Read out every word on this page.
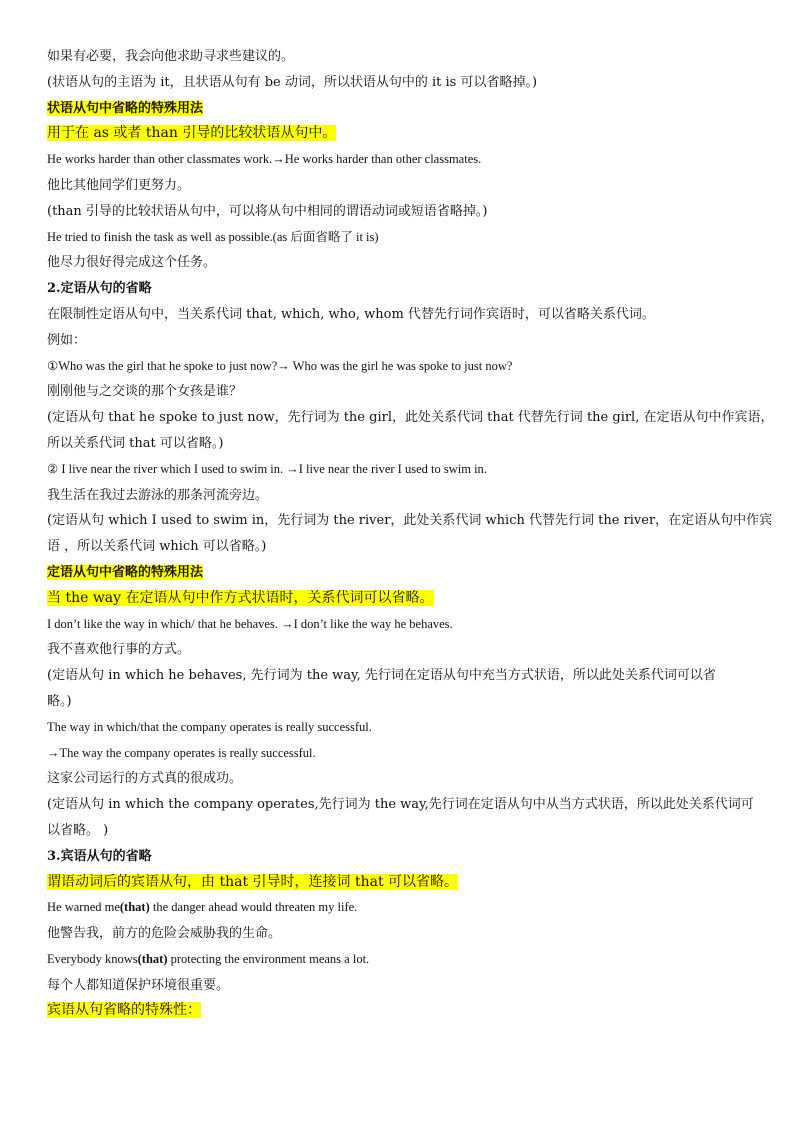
如果有必要，我会向他求助寻求些建议的。
(状语从句的主语为 it，且状语从句有 be 动词，所以状语从句中的 it is 可以省略掉。)
状语从句中省略的特殊用法
用于在 as 或者 than 引导的比较状语从句中。
He works harder than other classmates work.→He works harder than other classmates.
他比其他同学们更努力。
(than 引导的比较状语从句中，可以将从句中相同的谓语动词或短语省略掉。)
He tried to finish the task as well as possible.(as 后面省略了 it is)
他尽力很好得完成这个任务。
2.定语从句的省略
在限制性定语从句中，当关系代词 that, which, who, whom 代替先行词作宾语时，可以省略关系代词。
例如：
①Who was the girl that he spoke to just now?→ Who was the girl he was spoke to just now?
刚刚他与之交谈的那个女孩是谁？
(定语从句 that he spoke to just now，先行词为 the girl，此处关系代词 that 代替先行词 the girl, 在定语从句中作宾语，
所以关系代词 that 可以省略。)
② I live near the river which I used to swim in. →I live near the river I used to swim in.
我生活在我过去游泳的那条河流旁边。
(定语从句 which I used to swim in，先行词为 the river，此处关系代词 which 代替先行词 the river，在定语从句中作宾
语 ，所以关系代词 which 可以省略。)
定语从句中省略的特殊用法
当 the way 在定语从句中作方式状语时，关系代词可以省略。
I don’t like the way in which/ that he behaves. →I don’t like the way he behaves.
我不喜欢他行事的方式。
(定语从句 in which he behaves, 先行词为 the way, 先行词在定语从句中充当方式状语，所以此处关系代词可以省
略。)
The way in which/that the company operates is really successful.
→The way the company operates is really successful.
这家公司运行的方式真的很成功。
(定语从句 in which the company operates,先行词为 the way,先行词在定语从句中从当方式状语，所以此处关系代词可
以省略。 )
3.宾语从句的省略
谓语动词后的宾语从句，由 that 引导时，连接词 that 可以省略。
He warned me(that) the danger ahead would threaten my life.
他警告我，前方的危险会威胁我的生命。
Everybody knows(that) protecting the environment means a lot.
每个人都知道保护环境很重要。
宾语从句省略的特殊性：
